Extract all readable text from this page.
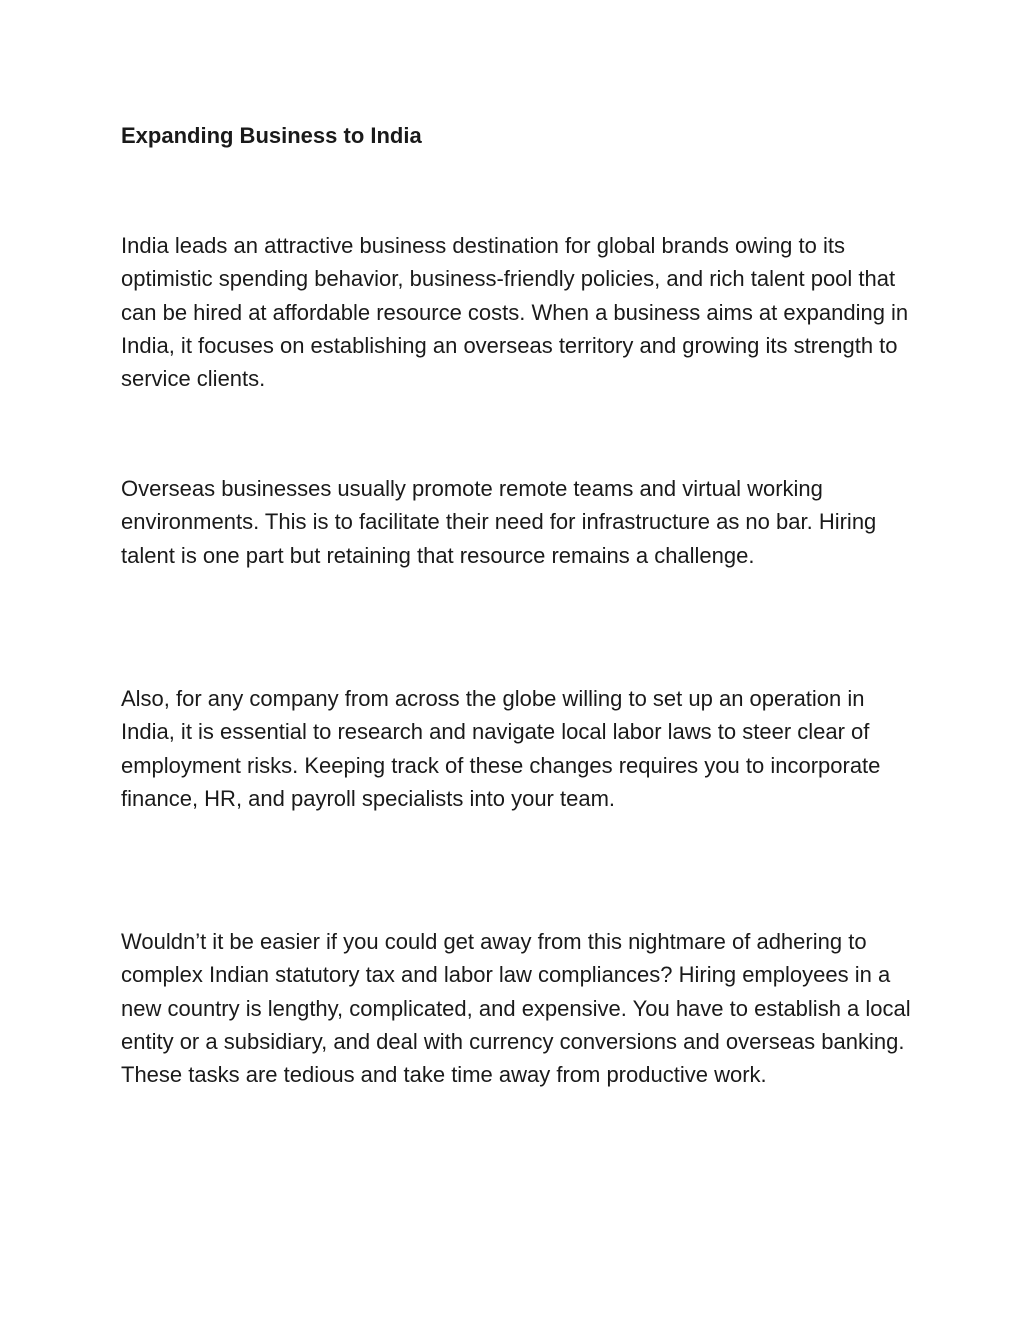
Expanding Business to India

India leads an attractive business destination for global brands owing to its optimistic spending behavior, business-friendly policies, and rich talent pool that can be hired at affordable resource costs. When a business aims at expanding in India, it focuses on establishing an overseas territory and growing its strength to service clients.

Overseas businesses usually promote remote teams and virtual working environments. This is to facilitate their need for infrastructure as no bar. Hiring talent is one part but retaining that resource remains a challenge.

Also, for any company from across the globe willing to set up an operation in India, it is essential to research and navigate local labor laws to steer clear of employment risks. Keeping track of these changes requires you to incorporate finance, HR, and payroll specialists into your team.

Wouldn’t it be easier if you could get away from this nightmare of adhering to complex Indian statutory tax and labor law compliances? Hiring employees in a new country is lengthy, complicated, and expensive. You have to establish a local entity or a subsidiary, and deal with currency conversions and overseas banking. These tasks are tedious and take time away from productive work.
